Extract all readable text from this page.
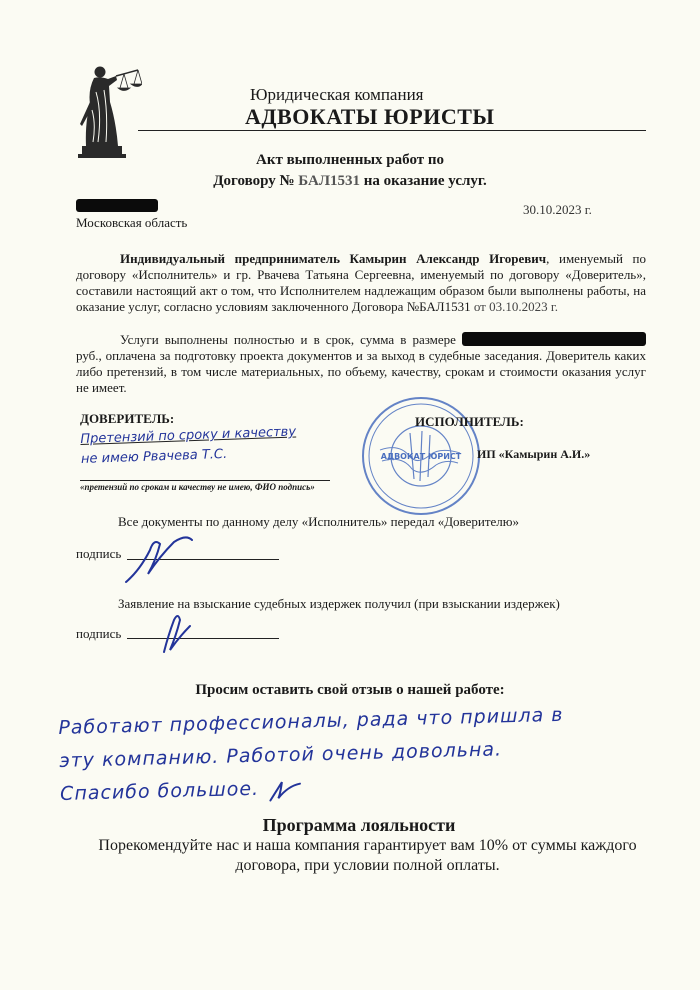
Юридическая компания
АДВОКАТЫ ЮРИСТЫ
Акт выполненных работ по
Договору № БАЛ1531 на оказание услуг.
Московская область
30.10.2023 г.
Индивидуальный предприниматель Камырин Александр Игоревич, именуемый по договору «Исполнитель» и гр. Рвачева Татьяна Сергеевна, именуемый по договору «Доверитель», составили настоящий акт о том, что Исполнителем надлежащим образом были выполнены работы, на оказание услуг, согласно условиям заключенного Договора №БАЛ1531 от 03.10.2023 г.
Услуги выполнены полностью и в срок, сумма в размере  руб., оплачена за подготовку проекта документов и за выход в судебные заседания. Доверитель каких либо претензий, в том числе материальных, по объему, качеству, срокам и стоимости оказания услуг не имеет.
ДОВЕРИТЕЛЬ:
Претензий по сроку и качеству
не имею Рвачева Т.С.
«претензий по срокам и качеству не имею, ФИО подпись»
АДВОКАТ ЮРИСТ
ИСПОЛНИТЕЛЬ:
ИП «Камырин А.И.»
Все документы по данному делу «Исполнитель» передал «Доверителю»
подпись
Заявление на взыскание судебных издержек получил (при взыскании издержек)
подпись
Просим оставить свой отзыв о нашей работе:
Работают профессионалы, рада что пришла в
эту компанию. Работой очень довольна.
Спасибо большое.
Программа лояльности
Порекомендуйте нас и наша компания гарантирует вам 10% от суммы каждого договора, при условии полной оплаты.
